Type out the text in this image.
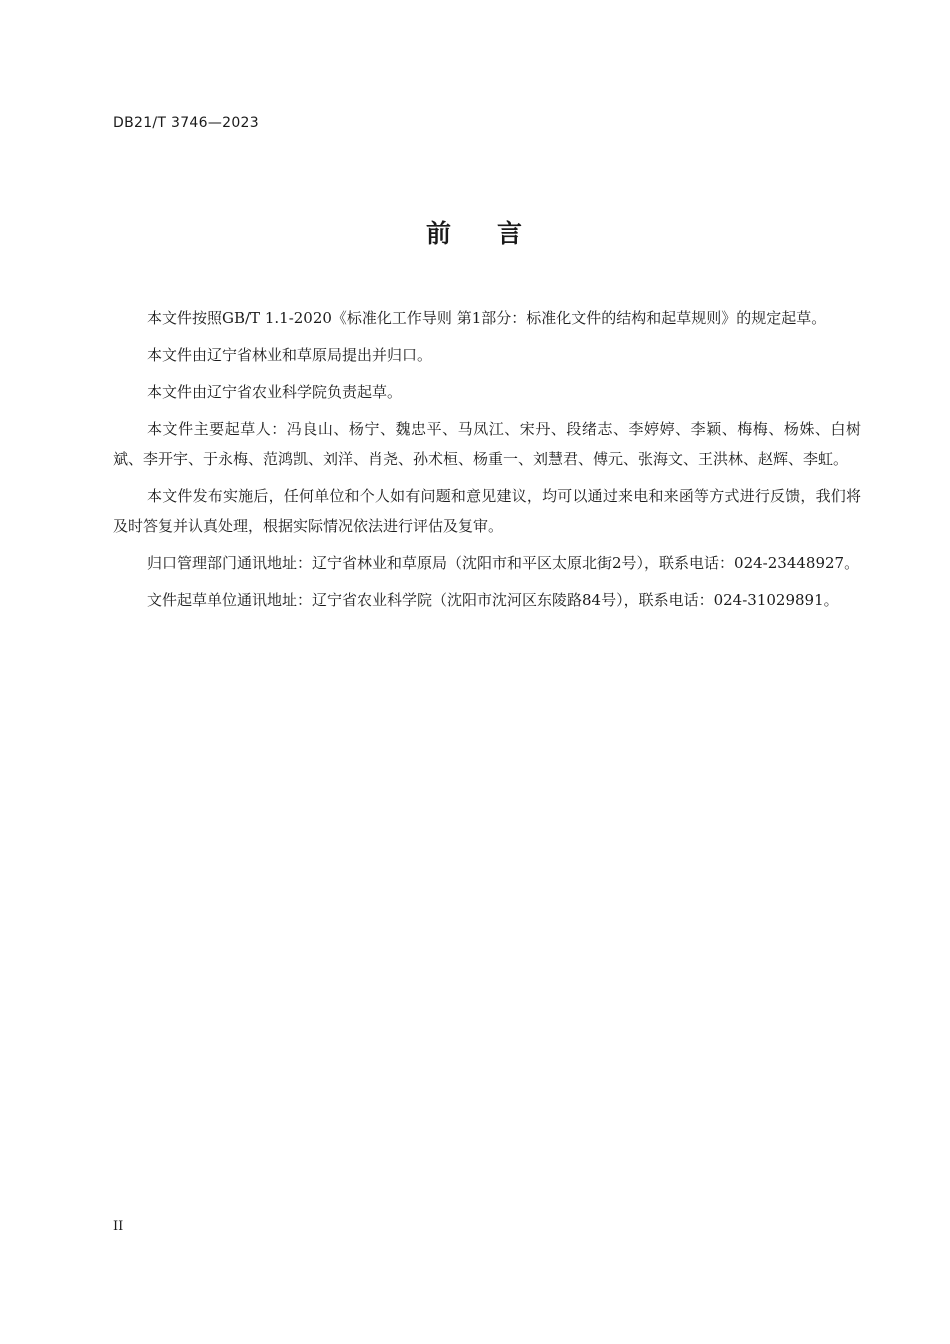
DB21/T 3746—2023
前 言

本文件按照GB/T 1.1-2020《标准化工作导则 第1部分：标准化文件的结构和起草规则》的规定起草。

本文件由辽宁省林业和草原局提出并归口。

本文件由辽宁省农业科学院负责起草。

本文件主要起草人：冯良山、杨宁、魏忠平、马凤江、宋丹、段绪志、李婷婷、李颖、梅梅、杨姝、白树斌、李开宇、于永梅、范鸿凯、刘洋、肖尧、孙术桓、杨重一、刘慧君、傅元、张海文、王洪林、赵辉、李虹。

本文件发布实施后，任何单位和个人如有问题和意见建议，均可以通过来电和来函等方式进行反馈，我们将及时答复并认真处理，根据实际情况依法进行评估及复审。

归口管理部门通讯地址：辽宁省林业和草原局（沈阳市和平区太原北街2号），联系电话：024-23448927。

文件起草单位通讯地址：辽宁省农业科学院（沈阳市沈河区东陵路84号），联系电话：024-31029891。

II
